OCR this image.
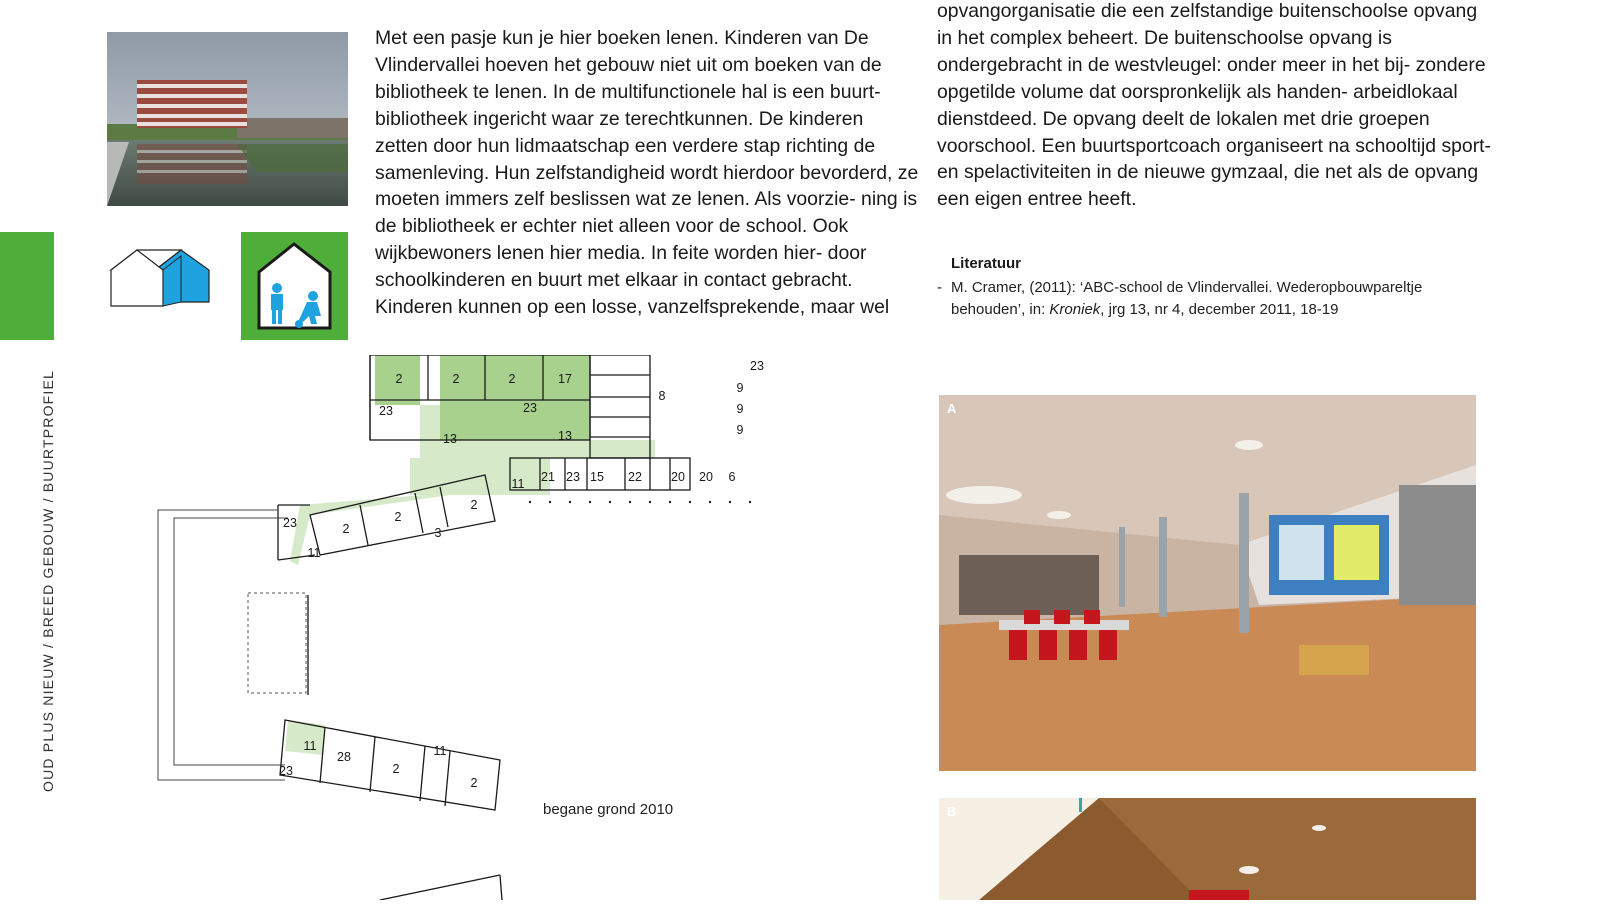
OUD PLUS NIEUW / BREED GEBOUW / BUURTPROFIEL

Met een pasje kun je hier boeken lenen. Kinderen van De Vlindervallei hoeven het gebouw niet uit om boeken van de bibliotheek te lenen. In de multifunctionele hal is een buurt- bibliotheek ingericht waar ze terechtkunnen. De kinderen zetten door hun lidmaatschap een verdere stap richting de samenleving. Hun zelfstandigheid wordt hierdoor bevorderd, ze moeten immers zelf beslissen wat ze lenen. Als voorzie- ning is de bibliotheek er echter niet alleen voor de school. Ook wijkbewoners lenen hier media. In feite worden hier- door schoolkinderen en buurt met elkaar in contact gebracht. Kinderen kunnen op een losse, vanzelfsprekende, maar wel

opvangorganisatie die een zelfstandige buitenschoolse opvang in het complex beheert. De buitenschoolse opvang is ondergebracht in de westvleugel: onder meer in het bij- zondere opgetilde volume dat oorspronkelijk als handen- arbeidlokaal dienstdeed. De opvang deelt de lokalen met drie groepen voorschool. Een buurtsportcoach organiseert na schooltijd sport- en spelactiviteiten in de nieuwe gymzaal, die net als de opvang een eigen entree heeft.

Literatuur
- M. Cramer, (2011): ‘ABC-school de Vlindervallei. Wederopbouwpareltje behouden’, in: Kroniek, jrg 13, nr 4, december 2011, 18-19
2	2	2	17
8
23
9
9
9
23	23
13	13
11 21 23 15 22 20 20 6
2
2
3
2
23
11
11
28
2
11
2
23
begane grond 2010
A
B
